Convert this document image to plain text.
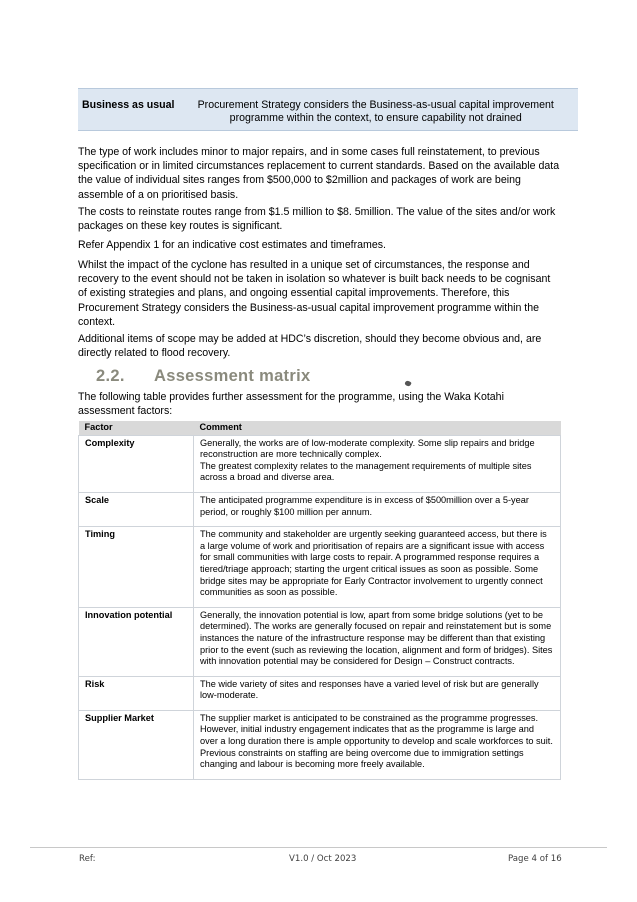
Business as usual	Procurement Strategy considers the Business-as-usual capital improvement programme within the context, to ensure capability not drained

The type of work includes minor to major repairs, and in some cases full reinstatement, to previous specification or in limited circumstances replacement to current standards. Based on the available data the value of individual sites ranges from $500,000 to $2million and packages of work are being assemble of a on prioritised basis.

The costs to reinstate routes range from $1.5 million to $8. 5million. The value of the sites and/or work packages on these key routes is significant.

Refer Appendix 1 for an indicative cost estimates and timeframes.

Whilst the impact of the cyclone has resulted in a unique set of circumstances, the response and recovery to the event should not be taken in isolation so whatever is built back needs to be cognisant of existing strategies and plans, and ongoing essential capital improvements. Therefore, this Procurement Strategy considers the Business-as-usual capital improvement programme within the context.

Additional items of scope may be added at HDC’s discretion, should they become obvious and, are directly related to flood recovery.

2.2. Assessment matrix

The following table provides further assessment for the programme, using the Waka Kotahi assessment factors:

Factor	Comment
Complexity	Generally, the works are of low-moderate complexity. Some slip repairs and bridge reconstruction are more technically complex.

The greatest complexity relates to the management requirements of multiple sites across a broad and diverse area.

Scale	The anticipated programme expenditure is in excess of $500million over a 5-year period, or roughly $100 million per annum.

Timing	The community and stakeholder are urgently seeking guaranteed access, but there is a large volume of work and prioritisation of repairs are a significant issue with access for small communities with large costs to repair. A programmed response requires a tiered/triage approach; starting the urgent critical issues as soon as possible. Some bridge sites may be appropriate for Early Contractor involvement to urgently connect communities as soon as possible.

Innovation potential	Generally, the innovation potential is low, apart from some bridge solutions (yet to be determined). The works are generally focused on repair and reinstatement but is some instances the nature of the infrastructure response may be different than that existing prior to the event (such as reviewing the location, alignment and form of bridges). Sites with innovation potential may be considered for Design – Construct contracts.

Risk	The wide variety of sites and responses have a varied level of risk but are generally low-moderate.

Supplier Market	The supplier market is anticipated to be constrained as the programme progresses. However, initial industry engagement indicates that as the programme is large and over a long duration there is ample opportunity to develop and scale workforces to suit. Previous constraints on staffing are being overcome due to immigration settings changing and labour is becoming more freely available.

Ref:	V1.0 / Oct 2023	Page 4 of 16
